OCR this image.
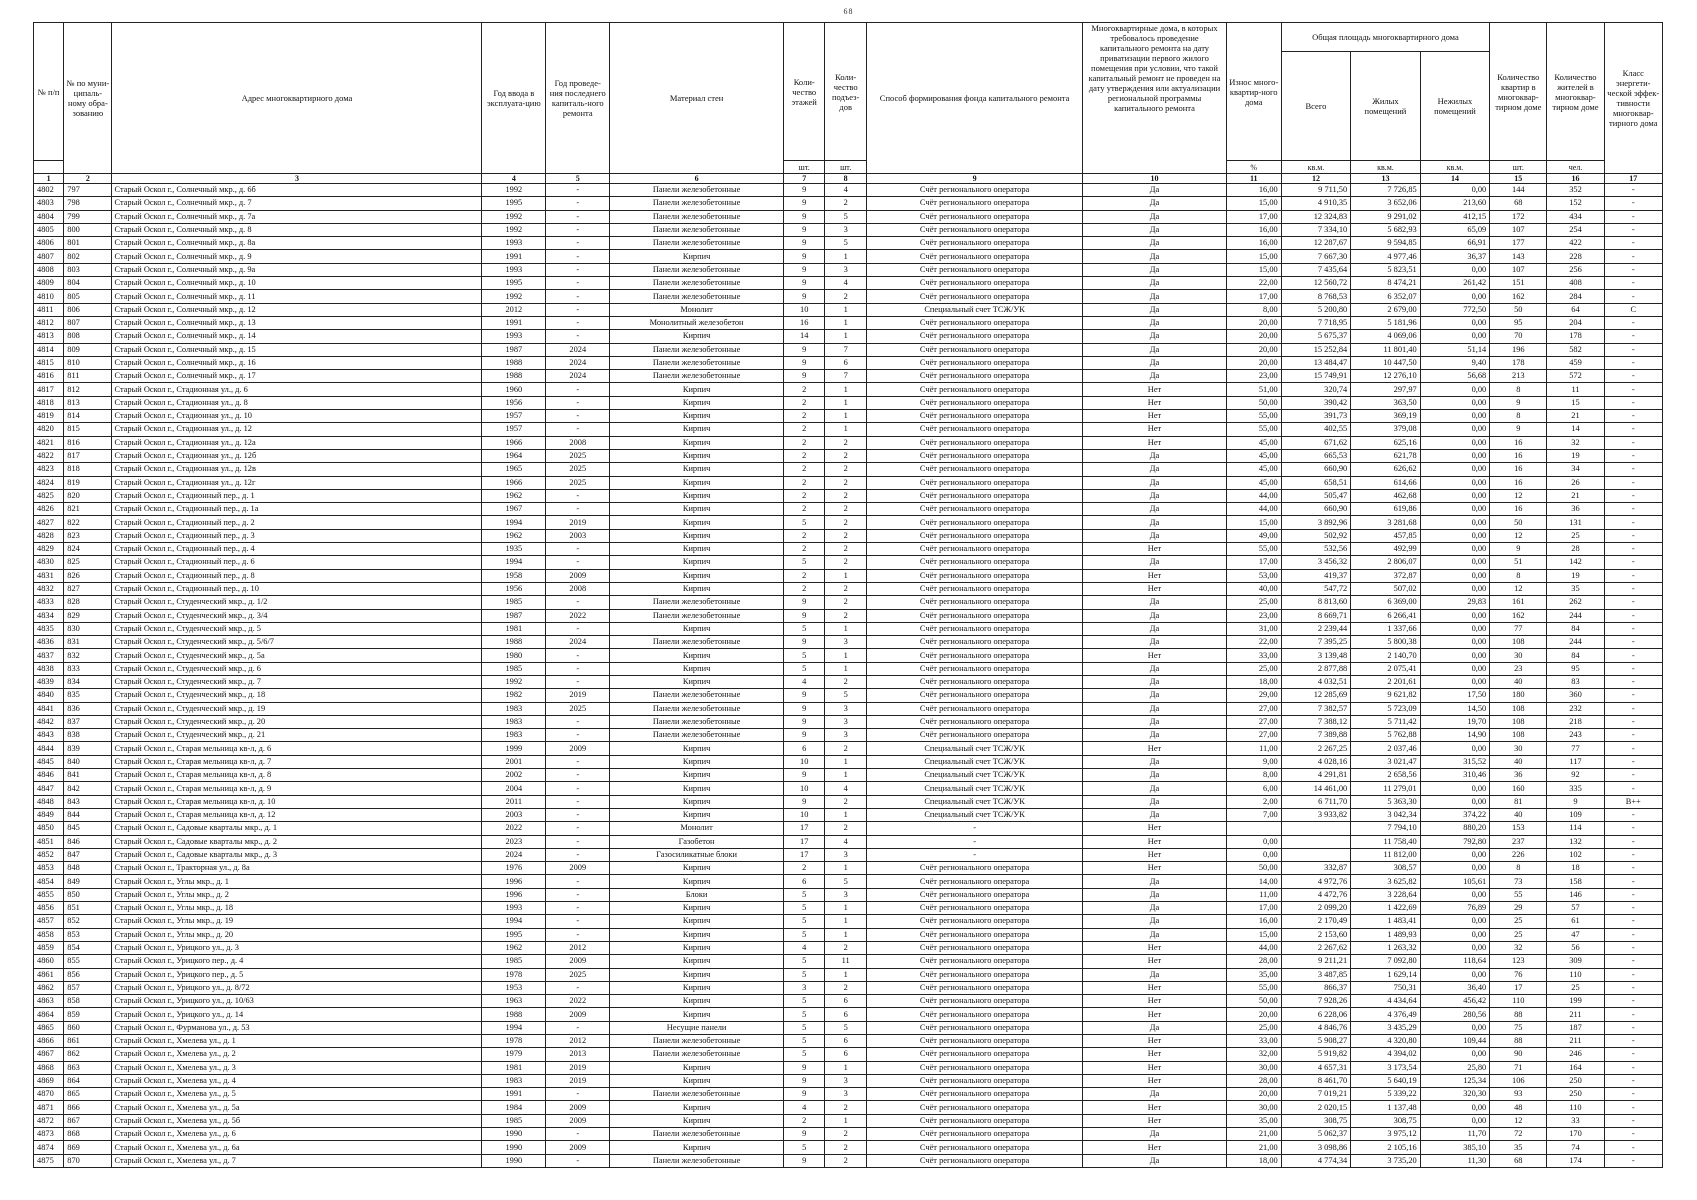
68
№ п/п	№ по муни-ципаль-ному обра-зованию	Адрес многоквартирного дома	Год ввода в эксплуата-цию	Год проведе-ния последнего капиталь-ного ремонта	Материал стен	Коли-чество этажей	Коли-чество подъез-дов	Способ формирования фонда капитального ремонта	Многоквартирные дома, в которых требовалось проведение капитального ремонта на дату приватизации первого жилого помещения при условии, что такой капитальный ремонт не проведен на дату утверждения или актуализации региональной программы капитального ремонта	Износ много-квартир-ного дома	Общая площадь многоквартирного дома			Количество квартир в многоквар-тирном доме	Количество жителей в многоквар-тирном доме	Класс энергети-ческой эффек-тивности многоквар-тирного дома
											Всего	Жилых помещений	Нежилых помещений			
						шт.	шт.			%	кв.м.	кв.м.	кв.м.	шт.	чел.	
1	2	3	4	5	6	7	8	9	10	11	12	13	14	15	16	17
4802	797	Старый Оскол г., Солнечный мкр., д. 6б	1992	-	Панели железобетонные	9	4	Счёт регионального оператора	Да	16,00	9 711,50	7 726,85	0,00	144	352	-
4803	798	Старый Оскол г., Солнечный мкр., д. 7	1995	-	Панели железобетонные	9	2	Счёт регионального оператора	Да	15,00	4 910,35	3 652,06	213,60	68	152	-
4804	799	Старый Оскол г., Солнечный мкр., д. 7а	1992	-	Панели железобетонные	9	5	Счёт регионального оператора	Да	17,00	12 324,83	9 291,02	412,15	172	434	-
4805	800	Старый Оскол г., Солнечный мкр., д. 8	1992	-	Панели железобетонные	9	3	Счёт регионального оператора	Да	16,00	7 334,10	5 682,93	65,09	107	254	-
4806	801	Старый Оскол г., Солнечный мкр., д. 8а	1993	-	Панели железобетонные	9	5	Счёт регионального оператора	Да	16,00	12 287,67	9 594,85	66,91	177	422	-
4807	802	Старый Оскол г., Солнечный мкр., д. 9	1991	-	Кирпич	9	1	Счёт регионального оператора	Да	15,00	7 667,30	4 977,46	36,37	143	228	-
4808	803	Старый Оскол г., Солнечный мкр., д. 9а	1993	-	Панели железобетонные	9	3	Счёт регионального оператора	Да	15,00	7 435,64	5 823,51	0,00	107	256	-
4809	804	Старый Оскол г., Солнечный мкр., д. 10	1995	-	Панели железобетонные	9	4	Счёт регионального оператора	Да	22,00	12 560,72	8 474,21	261,42	151	408	-
4810	805	Старый Оскол г., Солнечный мкр., д. 11	1992	-	Панели железобетонные	9	2	Счёт регионального оператора	Да	17,00	8 768,53	6 352,07	0,00	162	284	-
4811	806	Старый Оскол г., Солнечный мкр., д. 12	2012	-	Монолит	10	1	Специальный счет ТСЖ/УК	Да	8,00	5 200,80	2 679,00	772,50	50	64	C
4812	807	Старый Оскол г., Солнечный мкр., д. 13	1991	-	Монолитный железобетон	16	1	Счёт регионального оператора	Да	20,00	7 718,95	5 181,96	0,00	95	204	-
4813	808	Старый Оскол г., Солнечный мкр., д. 14	1993	-	Кирпич	14	1	Счёт регионального оператора	Да	20,00	5 675,37	4 069,06	0,00	70	178	-
4814	809	Старый Оскол г., Солнечный мкр., д. 15	1987	2024	Панели железобетонные	9	7	Счёт регионального оператора	Да	20,00	15 252,84	11 801,40	51,14	196	582	-
4815	810	Старый Оскол г., Солнечный мкр., д. 16	1988	2024	Панели железобетонные	9	6	Счёт регионального оператора	Да	20,00	13 484,47	10 447,50	9,40	178	459	-
4816	811	Старый Оскол г., Солнечный мкр., д. 17	1988	2024	Панели железобетонные	9	7	Счёт регионального оператора	Да	23,00	15 749,91	12 276,10	56,68	213	572	-
4817	812	Старый Оскол г., Стадионная ул., д. 6	1960	-	Кирпич	2	1	Счёт регионального оператора	Нет	51,00	320,74	297,97	0,00	8	11	-
4818	813	Старый Оскол г., Стадионная ул., д. 8	1956	-	Кирпич	2	1	Счёт регионального оператора	Нет	50,00	390,42	363,50	0,00	9	15	-
4819	814	Старый Оскол г., Стадионная ул., д. 10	1957	-	Кирпич	2	1	Счёт регионального оператора	Нет	55,00	391,73	369,19	0,00	8	21	-
4820	815	Старый Оскол г., Стадионная ул., д. 12	1957	-	Кирпич	2	1	Счёт регионального оператора	Нет	55,00	402,55	379,08	0,00	9	14	-
4821	816	Старый Оскол г., Стадионная ул., д. 12а	1966	2008	Кирпич	2	2	Счёт регионального оператора	Нет	45,00	671,62	625,16	0,00	16	32	-
4822	817	Старый Оскол г., Стадионная ул., д. 12б	1964	2025	Кирпич	2	2	Счёт регионального оператора	Да	45,00	665,53	621,78	0,00	16	19	-
4823	818	Старый Оскол г., Стадионная ул., д. 12в	1965	2025	Кирпич	2	2	Счёт регионального оператора	Да	45,00	660,90	626,62	0,00	16	34	-
4824	819	Старый Оскол г., Стадионная ул., д. 12г	1966	2025	Кирпич	2	2	Счёт регионального оператора	Да	45,00	658,51	614,66	0,00	16	26	-
4825	820	Старый Оскол г., Стадионный пер., д. 1	1962	-	Кирпич	2	2	Счёт регионального оператора	Да	44,00	505,47	462,68	0,00	12	21	-
4826	821	Старый Оскол г., Стадионный пер., д. 1а	1967	-	Кирпич	2	2	Счёт регионального оператора	Да	44,00	660,90	619,86	0,00	16	36	-
4827	822	Старый Оскол г., Стадионный пер., д. 2	1994	2019	Кирпич	5	2	Счёт регионального оператора	Да	15,00	3 892,96	3 281,68	0,00	50	131	-
4828	823	Старый Оскол г., Стадионный пер., д. 3	1962	2003	Кирпич	2	2	Счёт регионального оператора	Да	49,00	502,92	457,85	0,00	12	25	-
4829	824	Старый Оскол г., Стадионный пер., д. 4	1935	-	Кирпич	2	2	Счёт регионального оператора	Нет	55,00	532,56	492,99	0,00	9	28	-
4830	825	Старый Оскол г., Стадионный пер., д. 6	1994	-	Кирпич	5	2	Счёт регионального оператора	Да	17,00	3 456,32	2 806,07	0,00	51	142	-
4831	826	Старый Оскол г., Стадионный пер., д. 8	1958	2009	Кирпич	2	1	Счёт регионального оператора	Нет	53,00	419,37	372,87	0,00	8	19	-
4832	827	Старый Оскол г., Стадионный пер., д. 10	1956	2008	Кирпич	2	2	Счёт регионального оператора	Нет	40,00	547,72	507,02	0,00	12	35	-
4833	828	Старый Оскол г., Студенческий мкр., д. 1/2	1985	-	Панели железобетонные	9	2	Счёт регионального оператора	Да	25,00	8 813,60	6 369,00	29,83	161	262	-
4834	829	Старый Оскол г., Студенческий мкр., д. 3/4	1987	2022	Панели железобетонные	9	2	Счёт регионального оператора	Да	23,00	8 669,71	6 266,41	0,00	162	244	-
4835	830	Старый Оскол г., Студенческий мкр., д. 5	1981	-	Кирпич	5	1	Счёт регионального оператора	Да	31,00	2 239,44	1 337,66	0,00	77	84	-
4836	831	Старый Оскол г., Студенческий мкр., д. 5/6/7	1988	2024	Панели железобетонные	9	3	Счёт регионального оператора	Да	22,00	7 395,25	5 800,38	0,00	108	244	-
4837	832	Старый Оскол г., Студенческий мкр., д. 5а	1980	-	Кирпич	5	1	Счёт регионального оператора	Нет	33,00	3 139,48	2 140,70	0,00	30	84	-
4838	833	Старый Оскол г., Студенческий мкр., д. 6	1985	-	Кирпич	5	1	Счёт регионального оператора	Да	25,00	2 877,88	2 075,41	0,00	23	95	-
4839	834	Старый Оскол г., Студенческий мкр., д. 7	1992	-	Кирпич	4	2	Счёт регионального оператора	Да	18,00	4 032,51	2 201,61	0,00	40	83	-
4840	835	Старый Оскол г., Студенческий мкр., д. 18	1982	2019	Панели железобетонные	9	5	Счёт регионального оператора	Да	29,00	12 285,69	9 621,82	17,50	180	360	-
4841	836	Старый Оскол г., Студенческий мкр., д. 19	1983	2025	Панели железобетонные	9	3	Счёт регионального оператора	Да	27,00	7 382,57	5 723,09	14,50	108	232	-
4842	837	Старый Оскол г., Студенческий мкр., д. 20	1983	-	Панели железобетонные	9	3	Счёт регионального оператора	Да	27,00	7 388,12	5 711,42	19,70	108	218	-
4843	838	Старый Оскол г., Студенческий мкр., д. 21	1983	-	Панели железобетонные	9	3	Счёт регионального оператора	Да	27,00	7 389,88	5 762,88	14,90	108	243	-
4844	839	Старый Оскол г., Старая мельница кв-л, д. 6	1999	2009	Кирпич	6	2	Специальный счет ТСЖ/УК	Нет	11,00	2 267,25	2 037,46	0,00	30	77	-
4845	840	Старый Оскол г., Старая мельница кв-л, д. 7	2001	-	Кирпич	10	1	Специальный счет ТСЖ/УК	Да	9,00	4 028,16	3 021,47	315,52	40	117	-
4846	841	Старый Оскол г., Старая мельница кв-л, д. 8	2002	-	Кирпич	9	1	Специальный счет ТСЖ/УК	Да	8,00	4 291,81	2 658,56	310,46	36	92	-
4847	842	Старый Оскол г., Старая мельница кв-л, д. 9	2004	-	Кирпич	10	4	Специальный счет ТСЖ/УК	Да	6,00	14 461,00	11 279,01	0,00	160	335	-
4848	843	Старый Оскол г., Старая мельница кв-л, д. 10	2011	-	Кирпич	9	2	Специальный счет ТСЖ/УК	Да	2,00	6 711,70	5 363,30	0,00	81	9	B++
4849	844	Старый Оскол г., Старая мельница кв-л, д. 12	2003	-	Кирпич	10	1	Специальный счет ТСЖ/УК	Да	7,00	3 933,82	3 042,34	374,22	40	109	-
4850	845	Старый Оскол г., Садовые кварталы мкр., д. 1	2022	-	Монолит	17	2	-	Нет			7 794,10	880,20	153	114	-
4851	846	Старый Оскол г., Садовые кварталы мкр., д. 2	2023	-	Газобетон	17	4	-	Нет	0,00		11 758,40	792,80	237	132	-
4852	847	Старый Оскол г., Садовые кварталы мкр., д. 3	2024	-	Газосиликатные блоки	17	3	-	Нет	0,00		11 812,00	0,00	226	102	-
4853	848	Старый Оскол г., Тракторная ул., д. 8а	1976	2009	Кирпич	2	1	Счёт регионального оператора	Нет	50,00	332,87	308,57	0,00	8	18	-
4854	849	Старый Оскол г., Углы мкр., д. 1	1996	-	Кирпич	6	5	Счёт регионального оператора	Да	14,00	4 972,76	3 625,82	105,61	73	158	-
4855	850	Старый Оскол г., Углы мкр., д. 2	1996	-	Блоки	5	3	Счёт регионального оператора	Да	11,00	4 472,76	3 228,64	0,00	55	146	-
4856	851	Старый Оскол г., Углы мкр., д. 18	1993	-	Кирпич	5	1	Счёт регионального оператора	Да	17,00	2 099,20	1 422,69	76,89	29	57	-
4857	852	Старый Оскол г., Углы мкр., д. 19	1994	-	Кирпич	5	1	Счёт регионального оператора	Да	16,00	2 170,49	1 483,41	0,00	25	61	-
4858	853	Старый Оскол г., Углы мкр., д. 20	1995	-	Кирпич	5	1	Счёт регионального оператора	Да	15,00	2 153,60	1 489,93	0,00	25	47	-
4859	854	Старый Оскол г., Урицкого ул., д. 3	1962	2012	Кирпич	4	2	Счёт регионального оператора	Нет	44,00	2 267,62	1 263,32	0,00	32	56	-
4860	855	Старый Оскол г., Урицкого пер., д. 4	1985	2009	Кирпич	5	11	Счёт регионального оператора	Нет	28,00	9 211,21	7 092,80	118,64	123	309	-
4861	856	Старый Оскол г., Урицкого пер., д. 5	1978	2025	Кирпич	5	1	Счёт регионального оператора	Да	35,00	3 487,85	1 629,14	0,00	76	110	-
4862	857	Старый Оскол г., Урицкого ул., д. 8/72	1953	-	Кирпич	3	2	Счёт регионального оператора	Нет	55,00	866,37	750,31	36,40	17	25	-
4863	858	Старый Оскол г., Урицкого ул., д. 10/63	1963	2022	Кирпич	5	6	Счёт регионального оператора	Нет	50,00	7 928,26	4 434,64	456,42	110	199	-
4864	859	Старый Оскол г., Урицкого ул., д. 14	1988	2009	Кирпич	5	6	Счёт регионального оператора	Нет	20,00	6 228,06	4 376,49	280,56	88	211	-
4865	860	Старый Оскол г., Фурманова ул., д. 53	1994	-	Несущие панели	5	5	Счёт регионального оператора	Да	25,00	4 846,76	3 435,29	0,00	75	187	-
4866	861	Старый Оскол г., Хмелева ул., д. 1	1978	2012	Панели железобетонные	5	6	Счёт регионального оператора	Нет	33,00	5 908,27	4 320,80	109,44	88	211	-
4867	862	Старый Оскол г., Хмелева ул., д. 2	1979	2013	Панели железобетонные	5	6	Счёт регионального оператора	Нет	32,00	5 919,82	4 394,02	0,00	90	246	-
4868	863	Старый Оскол г., Хмелева ул., д. 3	1981	2019	Кирпич	9	1	Счёт регионального оператора	Нет	30,00	4 657,31	3 173,54	25,80	71	164	-
4869	864	Старый Оскол г., Хмелева ул., д. 4	1983	2019	Кирпич	9	3	Счёт регионального оператора	Нет	28,00	8 461,70	5 640,19	125,34	106	250	-
4870	865	Старый Оскол г., Хмелева ул., д. 5	1991	-	Панели железобетонные	9	3	Счёт регионального оператора	Да	20,00	7 019,21	5 339,22	320,30	93	250	-
4871	866	Старый Оскол г., Хмелева ул., д. 5а	1984	2009	Кирпич	4	2	Счёт регионального оператора	Нет	30,00	2 020,15	1 137,48	0,00	48	110	-
4872	867	Старый Оскол г., Хмелева ул., д. 5б	1985	2009	Кирпич	2	1	Счёт регионального оператора	Нет	35,00	308,75	308,75	0,00	12	33	-
4873	868	Старый Оскол г., Хмелева ул., д. 6	1990	-	Панели железобетонные	9	2	Счёт регионального оператора	Да	21,00	5 062,37	3 975,12	11,70	72	170	-
4874	869	Старый Оскол г., Хмелева ул., д. 6а	1990	2009	Кирпич	5	2	Счёт регионального оператора	Нет	21,00	3 098,86	2 105,16	385,10	35	74	-
4875	870	Старый Оскол г., Хмелева ул., д. 7	1990	-	Панели железобетонные	9	2	Счёт регионального оператора	Да	18,00	4 774,34	3 735,20	11,30	68	174	-
